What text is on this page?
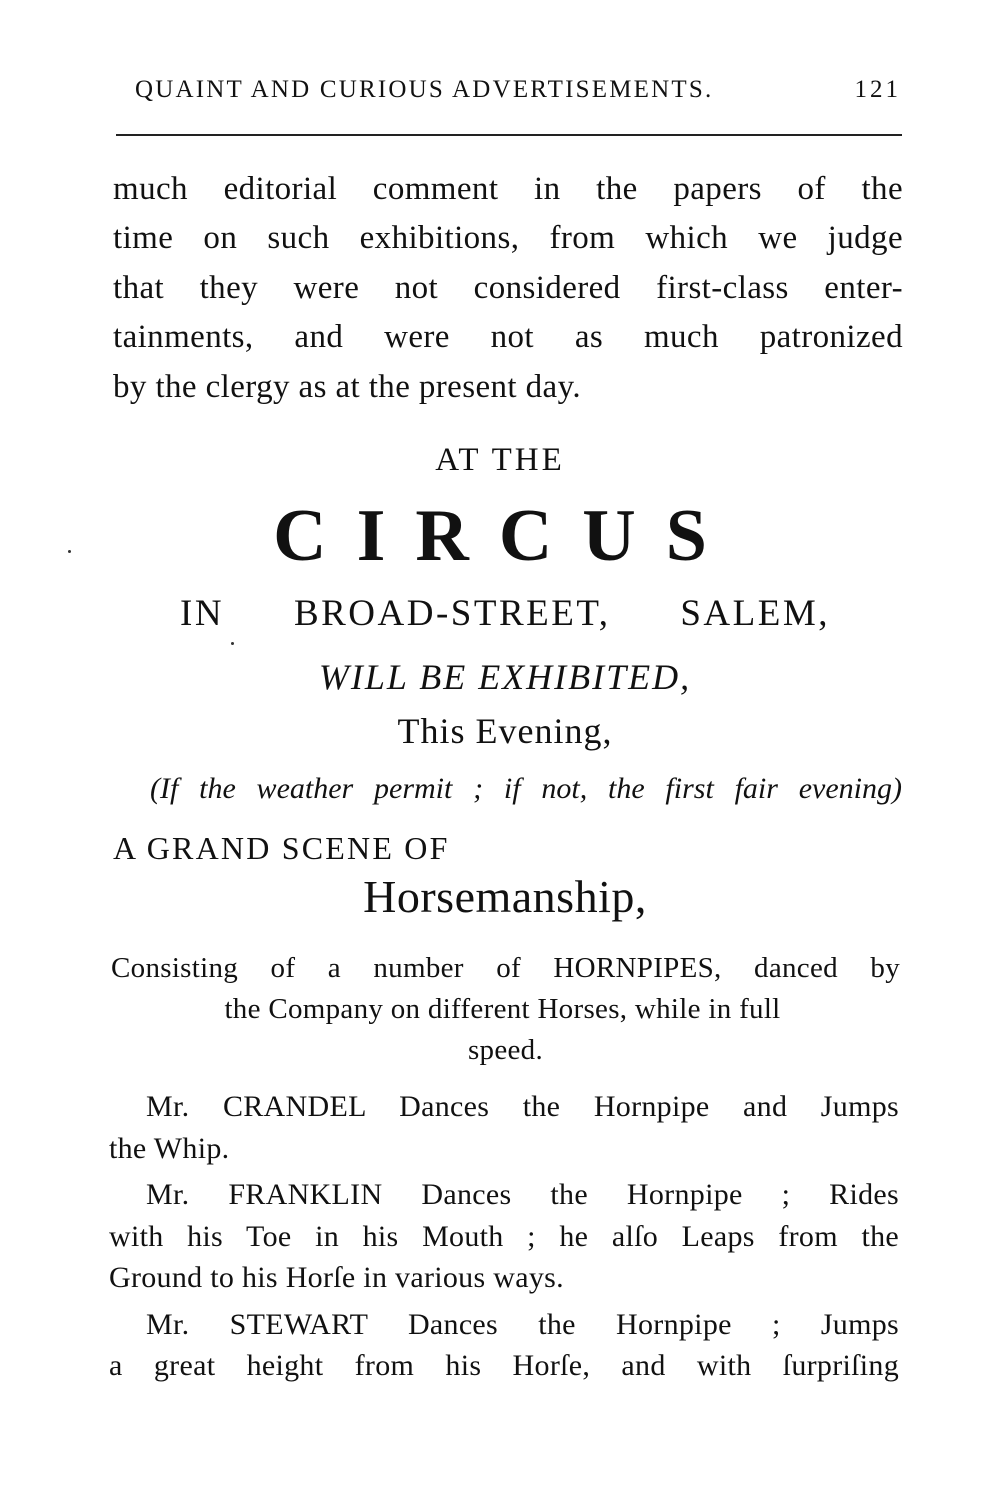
QUAINT AND CURIOUS ADVERTISEMENTS.	121
much editorial comment in the papers of the
time on such exhibitions, from which we judge
that they were not considered first-class enter-
tainments, and were not as much patronized
by the clergy as at the present day.
AT THE
CIRCUS
IN BROAD-STREET, SALEM,
WILL BE EXHIBITED,
This Evening,
(If the weather permit ; if not, the first fair evening)
A GRAND SCENE OF
Horsemanship,
Consisting of a number of HORNPIPES, danced by
the Company on different Horses, while in full
speed.
Mr. CRANDEL Dances the Hornpipe and Jumps
the Whip.
Mr. FRANKLIN Dances the Hornpipe ; Rides
with his Toe in his Mouth ; he alſo Leaps from the
Ground to his Horſe in various ways.
Mr. STEWART Dances the Hornpipe ; Jumps
a great height from his Horſe, and with ſurpriſing
